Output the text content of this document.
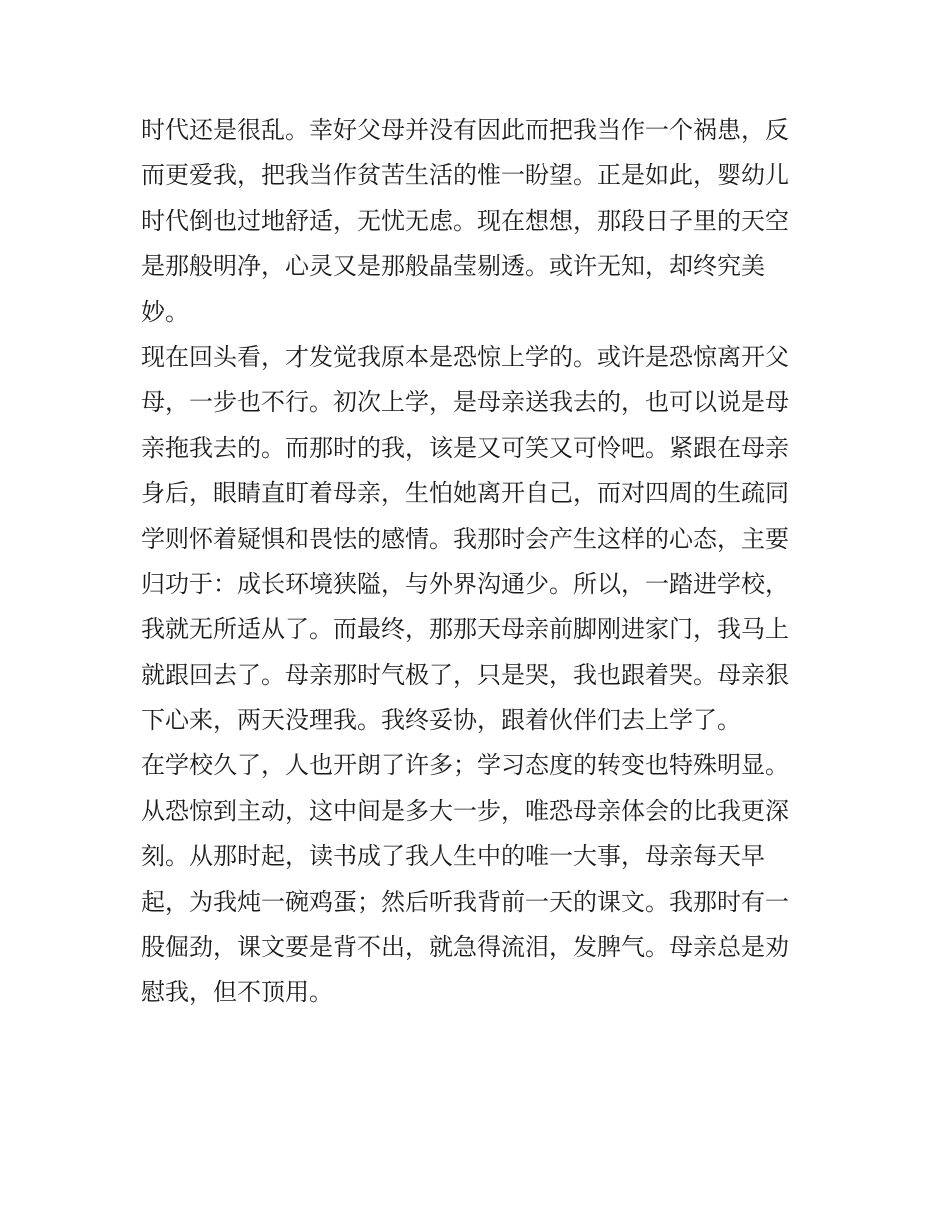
时代还是很乱。幸好父母并没有因此而把我当作一个祸患，反
而更爱我，把我当作贫苦生活的惟一盼望。正是如此，婴幼儿
时代倒也过地舒适，无忧无虑。现在想想，那段日子里的天空
是那般明净，心灵又是那般晶莹剔透。或许无知，却终究美
妙。
现在回头看，才发觉我原本是恐惊上学的。或许是恐惊离开父
母，一步也不行。初次上学，是母亲送我去的，也可以说是母
亲拖我去的。而那时的我，该是又可笑又可怜吧。紧跟在母亲
身后，眼睛直盯着母亲，生怕她离开自己，而对四周的生疏同
学则怀着疑惧和畏怯的感情。我那时会产生这样的心态，主要
归功于：成长环境狭隘，与外界沟通少。所以，一踏进学校，
我就无所适从了。而最终，那那天母亲前脚刚进家门，我马上
就跟回去了。母亲那时气极了，只是哭，我也跟着哭。母亲狠
下心来，两天没理我。我终妥协，跟着伙伴们去上学了。
在学校久了，人也开朗了许多；学习态度的转变也特殊明显。
从恐惊到主动，这中间是多大一步，唯恐母亲体会的比我更深
刻。从那时起，读书成了我人生中的唯一大事，母亲每天早
起，为我炖一碗鸡蛋；然后听我背前一天的课文。我那时有一
股倔劲，课文要是背不出，就急得流泪，发脾气。母亲总是劝
慰我，但不顶用。
